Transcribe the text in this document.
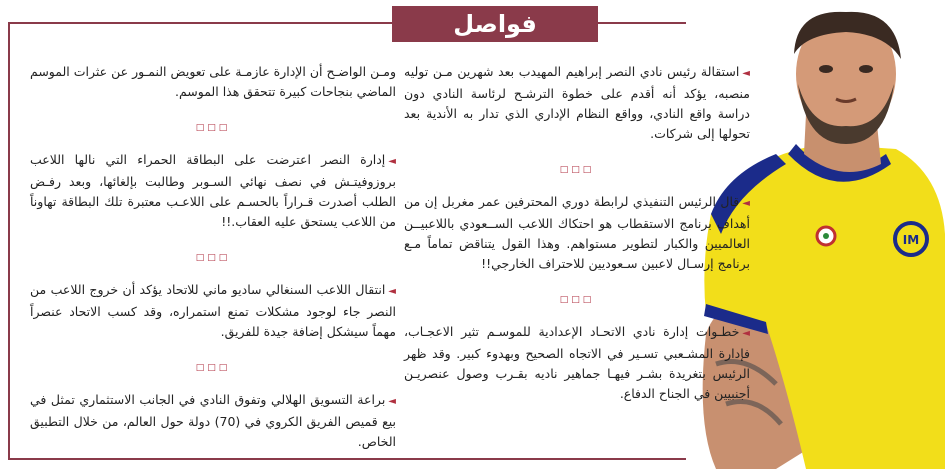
فواصل
IM

◄استقالة رئيس نادي النصر إبراهيم المهيدب بعد شهرين مـن توليه منصبه، يؤكد أنه أقدم على خطوة الترشـح لرئاسة النادي دون دراسة واقع النادي، وواقع النظام الإداري الذي تدار به الأندية بعد تحولها إلى شركات.

□□□

◄قال الرئيس التنفيذي لرابطة دوري المحترفين عمر مغربل إن من أهداف برنامج الاستقطاب هو احتكاك اللاعب الســعودي باللاعبيــن العالميين والكبار لتطوير مستواهم. وهذا القول يتناقض تماماً مـع برنامج إرسـال لاعبين سـعوديين للاحتراف الخارجي!!

□□□

◄خطـوات إدارة نادي الاتحـاد الإعدادية للموسـم تثير الاعجـاب، فإدارة المشـعبي تسـير في الاتجاه الصحيح وبهدوء كبير. وقد ظهر الرئيس بتغريدة بشـر فيهـا جماهير ناديه بقـرب وصول عنصريـن أجنبيين في الجناح الدفاع.

ومـن الواضـح أن الإدارة عازمـة على تعويض النمـور عن عثرات الموسم الماضي بنجاحات كبيرة تتحقق هذا الموسم.

□□□

◄إدارة النصر اعترضت على البطاقة الحمراء التي نالها اللاعب بروزوفيتـش في نصف نهائي السـوبر وطالبت بإلغائها، وبعد رفـض الطلب أصدرت قـراراً بالحسـم على اللاعـب معتبرة تلك البطاقة تهاوناً من اللاعب يستحق عليه العقاب.!!

□□□

◄انتقال اللاعب السنغالي ساديو ماني للاتحاد يؤكد أن خروج اللاعب من النصر جاء لوجود مشكلات تمنع استمراره، وقد كسب الاتحاد عنصراً مهماً سيشكل إضافة جيدة للفريق.

□□□

◄براعة التسويق الهلالي وتفوق النادي في الجانب الاستثماري تمثل في بيع قميص الفريق الكروي في (70) دولة حول العالم، من خلال التطبيق الخاص.
